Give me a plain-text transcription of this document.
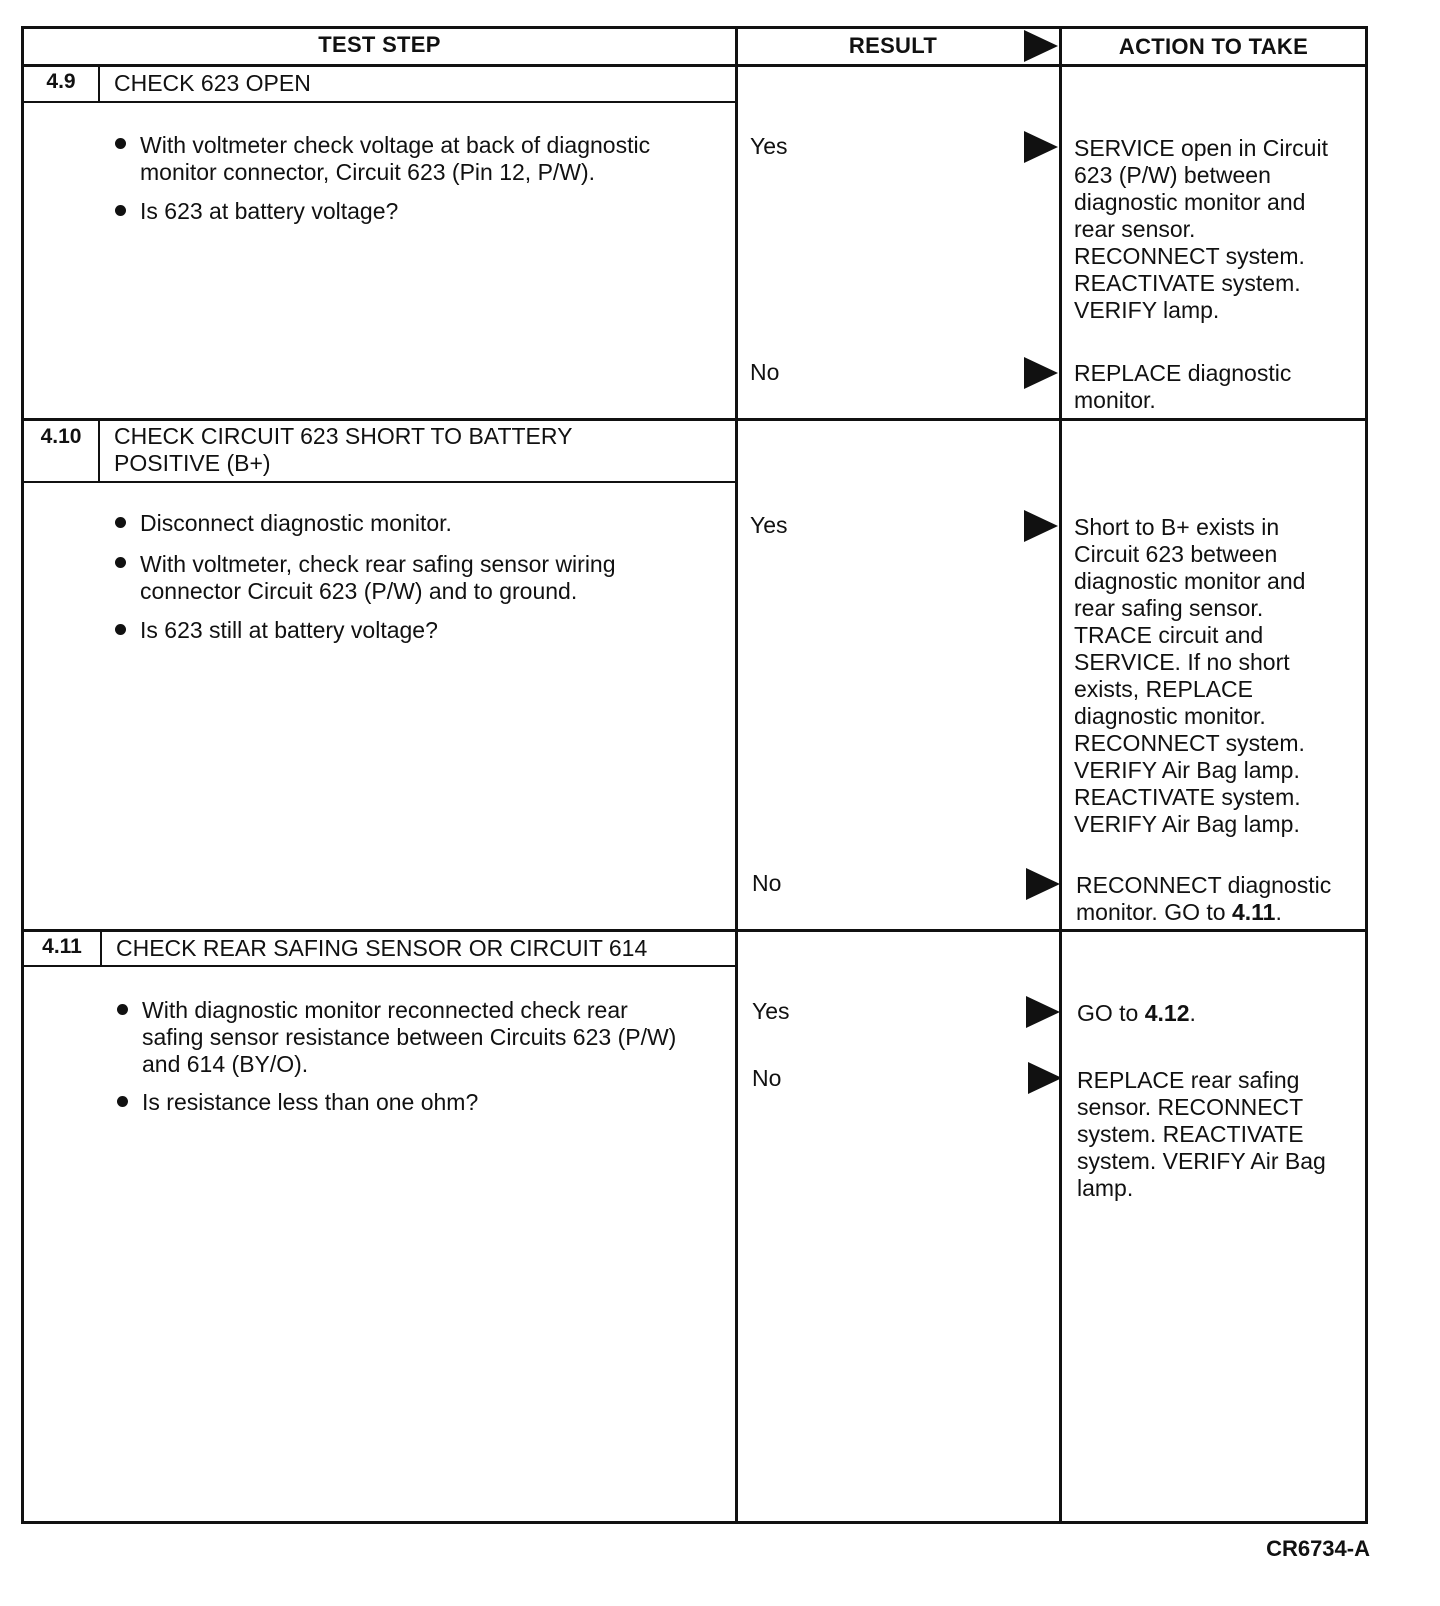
TEST STEP	RESULT	ACTION TO TAKE
4.9	CHECK 623 OPEN
With voltmeter check voltage at back of diagnostic
monitor connector, Circuit 623 (Pin 12, P/W).
Is 623 at battery voltage?
Yes	SERVICE open in Circuit
623 (P/W) between
diagnostic monitor and
rear sensor.
RECONNECT system.
REACTIVATE system.
VERIFY lamp.
No	REPLACE diagnostic
monitor.
4.10	CHECK CIRCUIT 623 SHORT TO BATTERY
POSITIVE (B+)
Disconnect diagnostic monitor.
With voltmeter, check rear safing sensor wiring
connector Circuit 623 (P/W) and to ground.
Is 623 still at battery voltage?
Yes	Short to B+ exists in
Circuit 623 between
diagnostic monitor and
rear safing sensor.
TRACE circuit and
SERVICE. If no short
exists, REPLACE
diagnostic monitor.
RECONNECT system.
VERIFY Air Bag lamp.
REACTIVATE system.
VERIFY Air Bag lamp.
No	RECONNECT diagnostic
monitor. GO to 4.11.
4.11	CHECK REAR SAFING SENSOR OR CIRCUIT 614
With diagnostic monitor reconnected check rear
safing sensor resistance between Circuits 623 (P/W)
and 614 (BY/O).
Is resistance less than one ohm?
Yes	GO to 4.12.
No	REPLACE rear safing
sensor. RECONNECT
system. REACTIVATE
system. VERIFY Air Bag
lamp.
CR6734-A
